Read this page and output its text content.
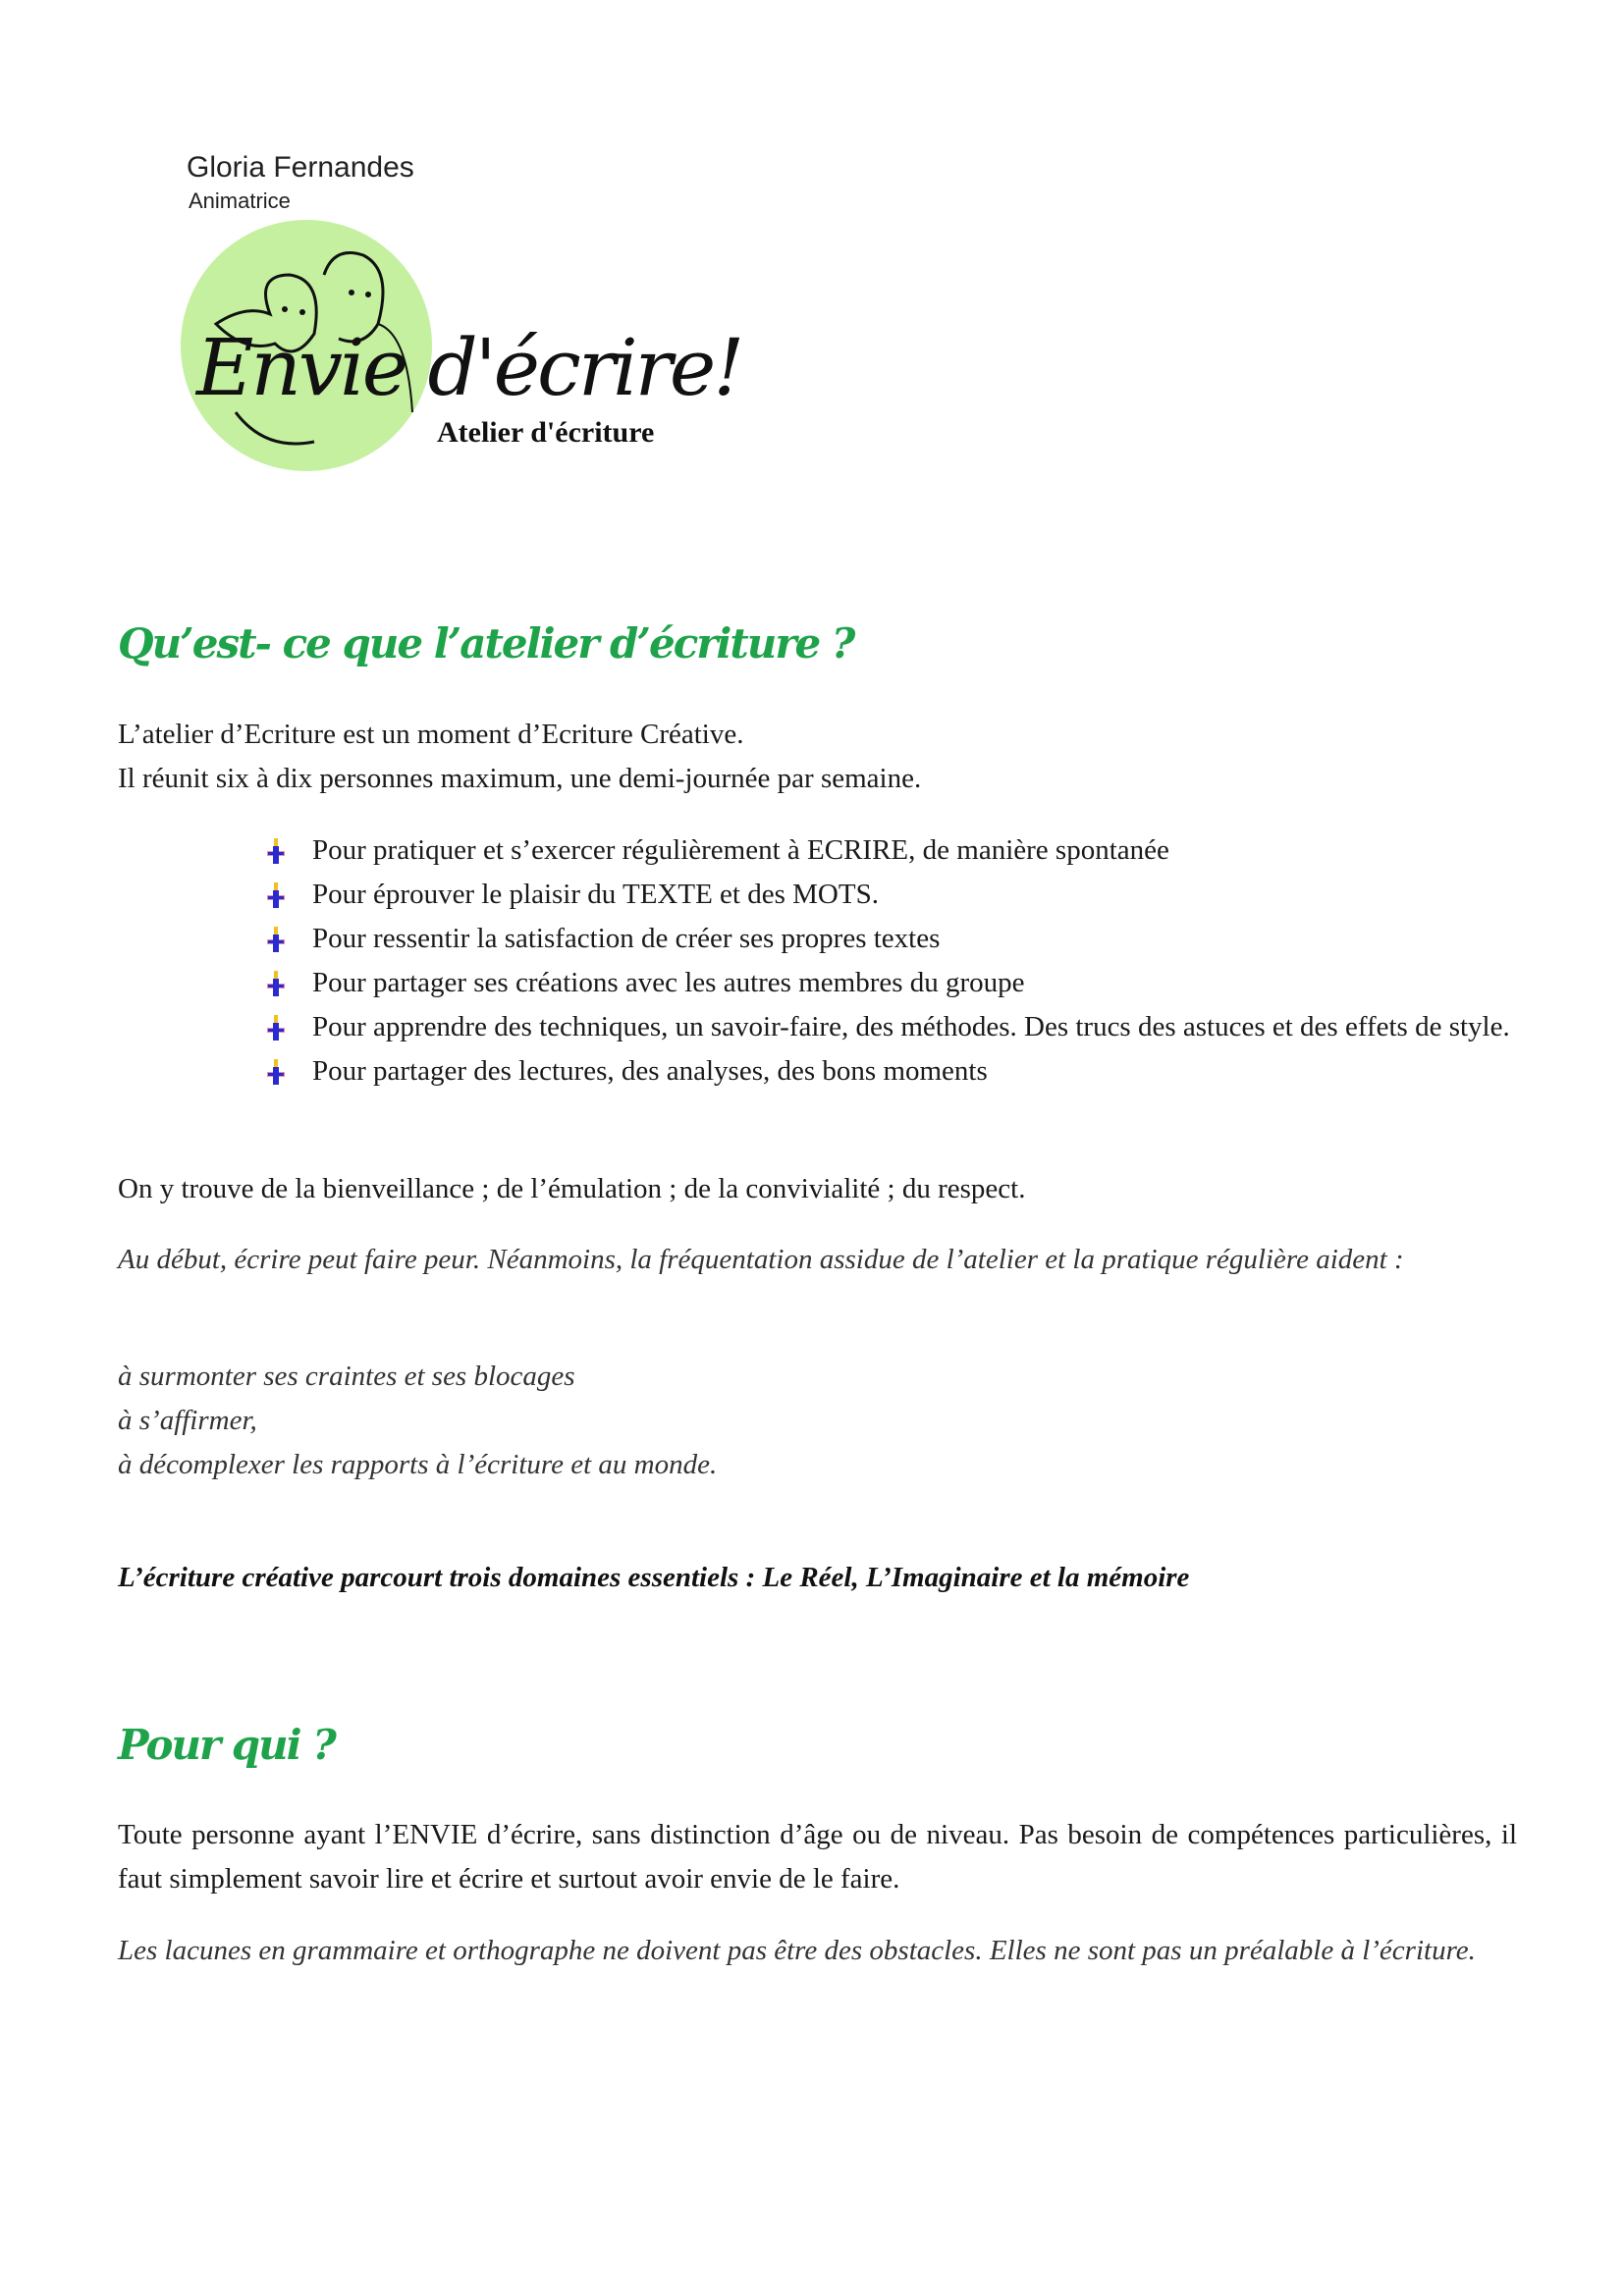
Gloria Fernandes
Animatrice
Envie d'écrire!
Atelier d'écriture
Qu’est- ce que l’atelier d’écriture ?
L’atelier d’Ecriture est un moment d’Ecriture Créative.
Il réunit six à dix personnes maximum, une demi-journée par semaine.
Pour pratiquer et s’exercer régulièrement à ECRIRE, de manière spontanée
Pour éprouver le plaisir du TEXTE et des MOTS.
Pour ressentir la satisfaction de créer ses propres textes
Pour partager ses créations avec les autres membres du groupe
Pour apprendre des techniques, un savoir-faire, des méthodes. Des trucs des astuces et des effets de style.
Pour partager des lectures, des analyses, des bons moments
On y trouve de la bienveillance ; de l’émulation ; de la convivialité ; du respect.
Au début, écrire peut faire peur. Néanmoins, la fréquentation assidue de l’atelier et la pratique régulière aident :
à surmonter ses craintes et ses blocages
à s’affirmer,
à décomplexer les rapports à l’écriture et au monde.
L’écriture créative parcourt trois domaines essentiels : Le Réel, L’Imaginaire et la mémoire
Pour qui ?
Toute personne ayant l’ENVIE d’écrire, sans distinction d’âge ou de niveau. Pas besoin de compétences particulières, il faut simplement savoir lire et écrire et surtout avoir envie de le faire.
Les lacunes en grammaire et orthographe ne doivent pas être des obstacles. Elles ne sont pas un préalable à l’écriture.
